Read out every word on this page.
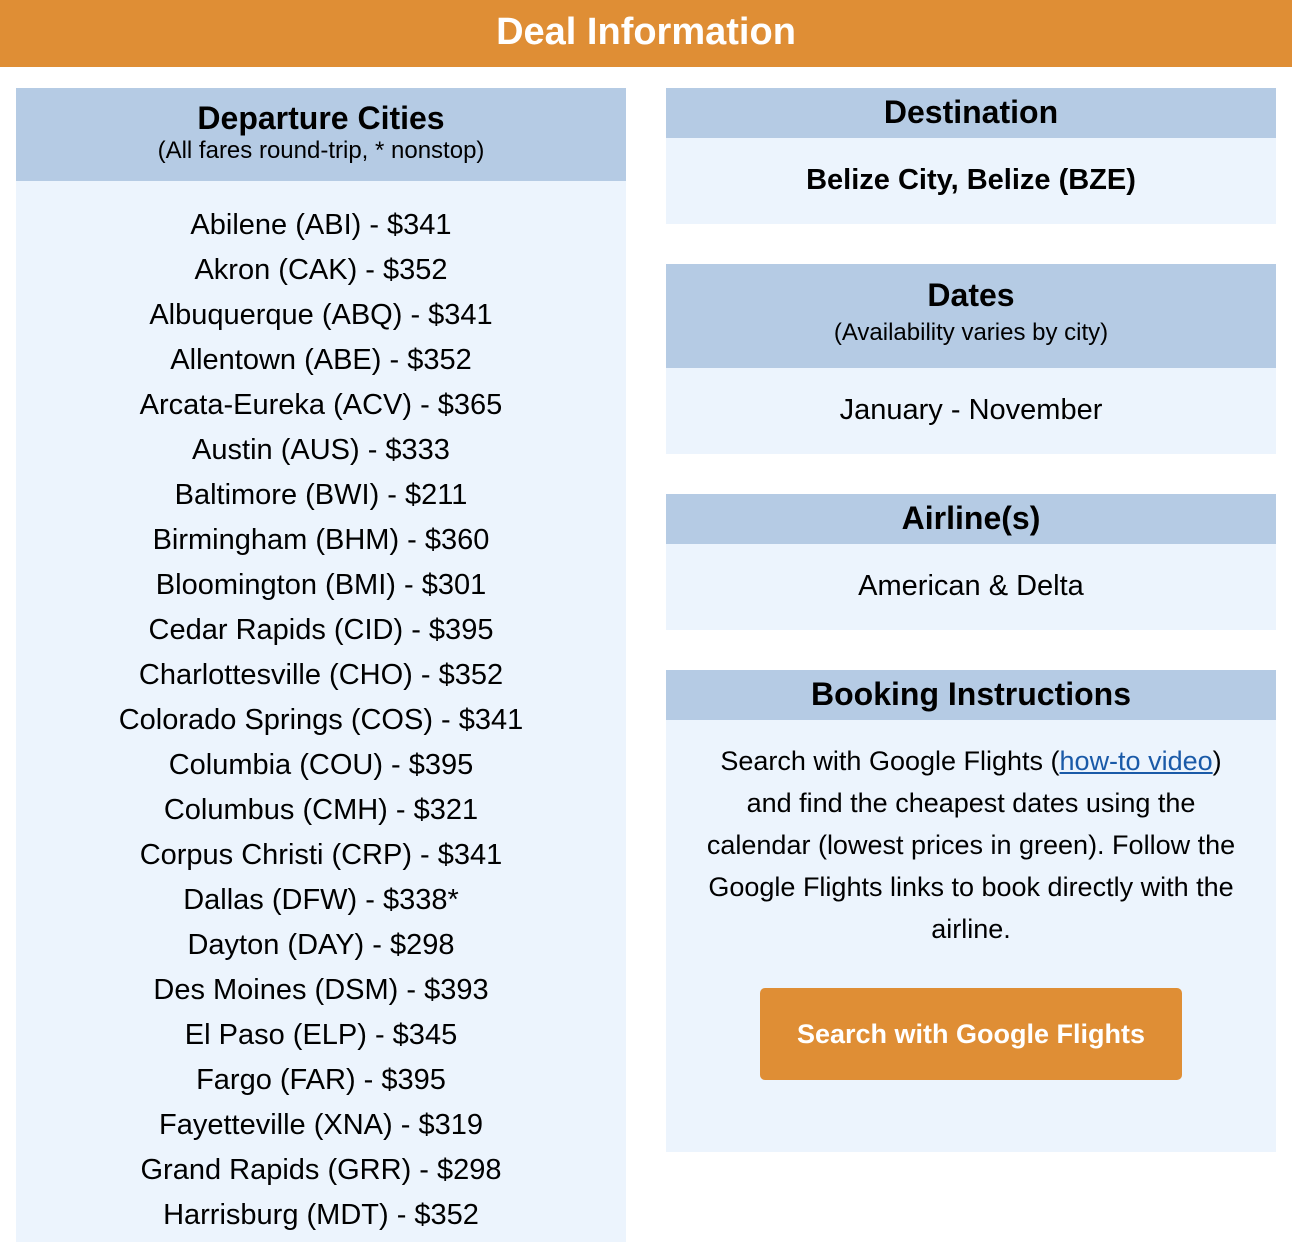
Deal Information
Departure Cities
(All fares round-trip, * nonstop)
Abilene (ABI) - $341
Akron (CAK) - $352
Albuquerque (ABQ) - $341
Allentown (ABE) - $352
Arcata-Eureka (ACV) - $365
Austin (AUS) - $333
Baltimore (BWI) - $211
Birmingham (BHM) - $360
Bloomington (BMI) - $301
Cedar Rapids (CID) - $395
Charlottesville (CHO) - $352
Colorado Springs (COS) - $341
Columbia (COU) - $395
Columbus (CMH) - $321
Corpus Christi (CRP) - $341
Dallas (DFW) - $338*
Dayton (DAY) - $298
Des Moines (DSM) - $393
El Paso (ELP) - $345
Fargo (FAR) - $395
Fayetteville (XNA) - $319
Grand Rapids (GRR) - $298
Harrisburg (MDT) - $352
Destination
Belize City, Belize (BZE)
Dates
(Availability varies by city)
January - November
Airline(s)
American & Delta
Booking Instructions
Search with Google Flights (how-to video) and find the cheapest dates using the calendar (lowest prices in green). Follow the Google Flights links to book directly with the airline.
Search with Google Flights
